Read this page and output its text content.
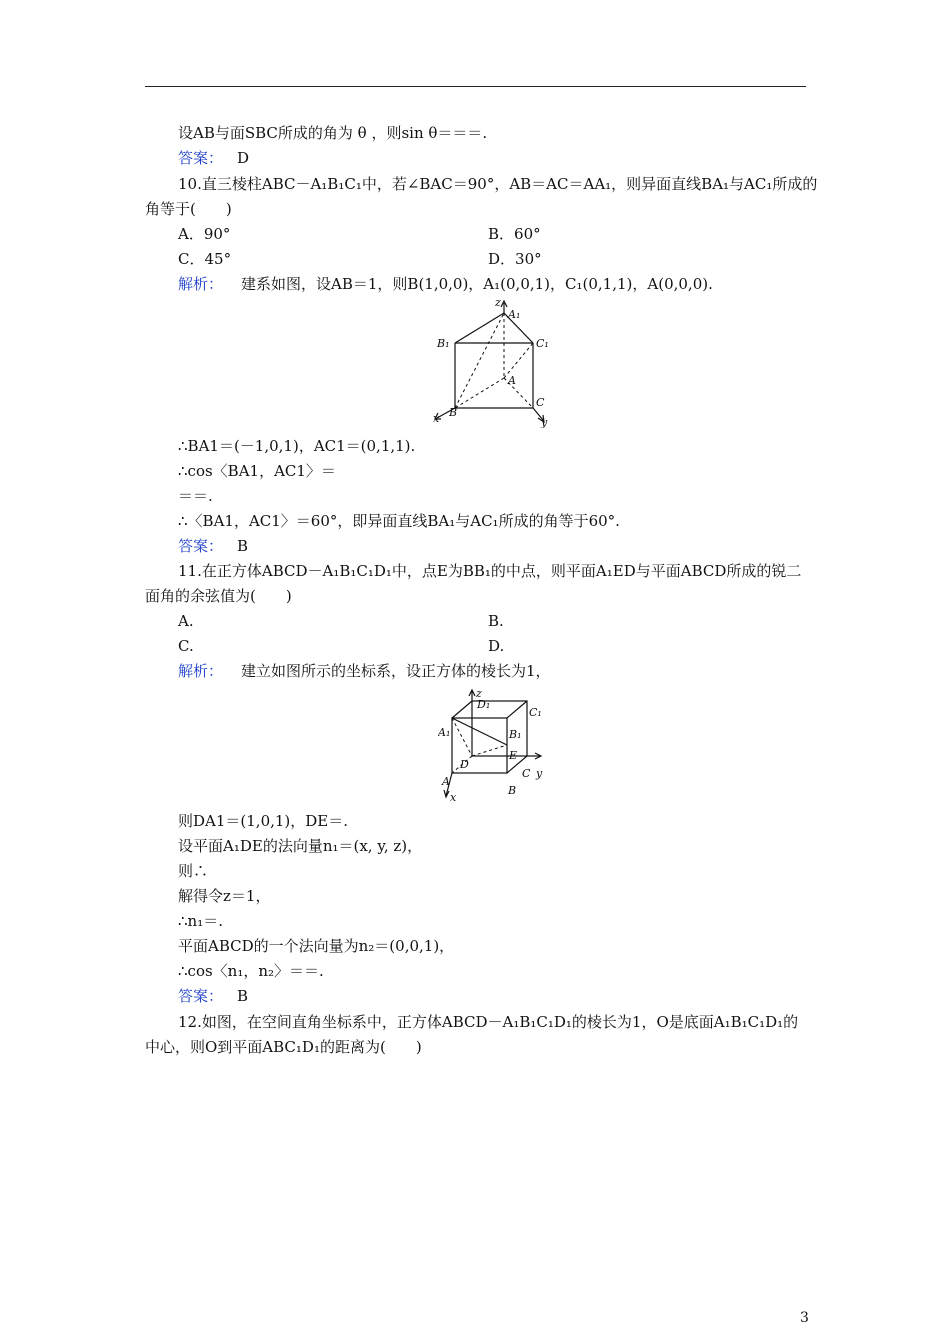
设AB与面SBC所成的角为 θ ，则sin θ＝＝＝.
答案： D
10.直三棱柱ABC－A₁B₁C₁中，若∠BAC＝90°，AB＝AC＝AA₁，则异面直线BA₁与AC₁所成的
角等于(　　)
A．90°	B．60°
C．45°	D．30°
解析： 建系如图，设AB＝1，则B(1,0,0)，A₁(0,0,1)，C₁(0,1,1)，A(0,0,0).
z
A₁
B₁	C₁
A
B
C
x	y
∴BA1＝(－1,0,1)，AC1＝(0,1,1).
∴cos〈BA1，AC1〉＝
＝＝.
∴〈BA1，AC1〉＝60°，即异面直线BA₁与AC₁所成的角等于60°.
答案： B
11.在正方体ABCD－A₁B₁C₁D₁中，点E为BB₁的中点，则平面A₁ED与平面ABCD所成的锐二
面角的余弦值为(　　)
A.	B.
C.	D.
解析： 建立如图所示的坐标系，设正方体的棱长为1，
z
D₁
C₁
A₁	B₁
E
D
C y
A
B
x
则DA1＝(1,0,1)，DE＝.
设平面A₁DE的法向量n₁＝(x, y, z)，
则∴
解得令z＝1，
∴n₁＝.
平面ABCD的一个法向量为n₂＝(0,0,1)，
∴cos〈n₁，n₂〉＝＝.
答案： B
12.如图，在空间直角坐标系中，正方体ABCD－A₁B₁C₁D₁的棱长为1，O是底面A₁B₁C₁D₁的
中心，则O到平面ABC₁D₁的距离为(　　)
3
